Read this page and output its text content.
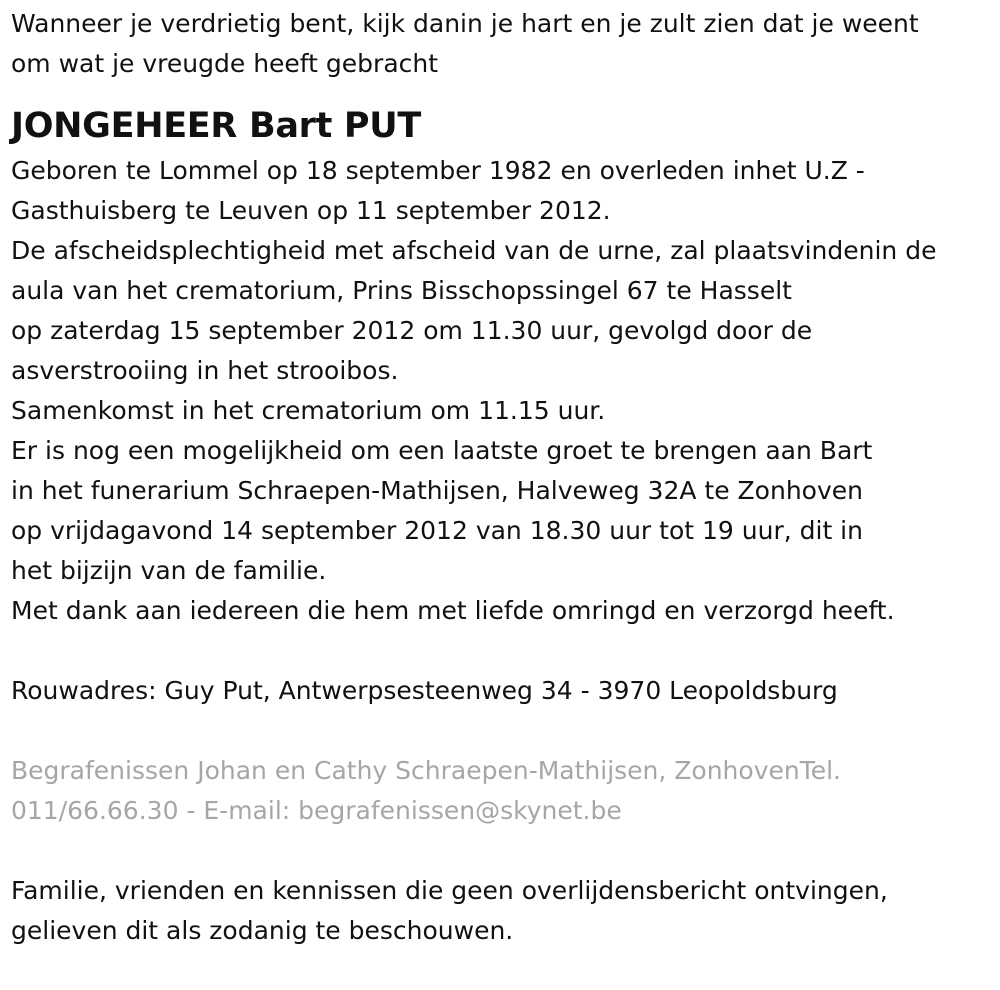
Wanneer je verdrietig bent, kijk danin je hart en je zult zien dat je weent
om wat je vreugde heeft gebracht
JONGEHEER Bart PUT
Geboren te Lommel op 18 september 1982 en overleden inhet U.Z -
Gasthuisberg te Leuven op 11 september 2012.
De afscheidsplechtigheid met afscheid van de urne, zal plaatsvindenin de
aula van het crematorium, Prins Bisschopssingel 67 te Hasselt
op zaterdag 15 september 2012 om 11.30 uur, gevolgd door de
asverstrooiing in het strooibos.
Samenkomst in het crematorium om 11.15 uur.
Er is nog een mogelijkheid om een laatste groet te brengen aan Bart
in het funerarium Schraepen-Mathijsen, Halveweg 32A te Zonhoven
op vrijdagavond 14 september 2012 van 18.30 uur tot 19 uur, dit in
het bijzijn van de familie.
Met dank aan iedereen die hem met liefde omringd en verzorgd heeft.
Rouwadres: Guy Put, Antwerpsesteenweg 34 - 3970 Leopoldsburg
Begrafenissen Johan en Cathy Schraepen-Mathijsen, ZonhovenTel.
011/66.66.30 - E-mail: begrafenissen@skynet.be
Familie, vrienden en kennissen die geen overlijdensbericht ontvingen,
gelieven dit als zodanig te beschouwen.
